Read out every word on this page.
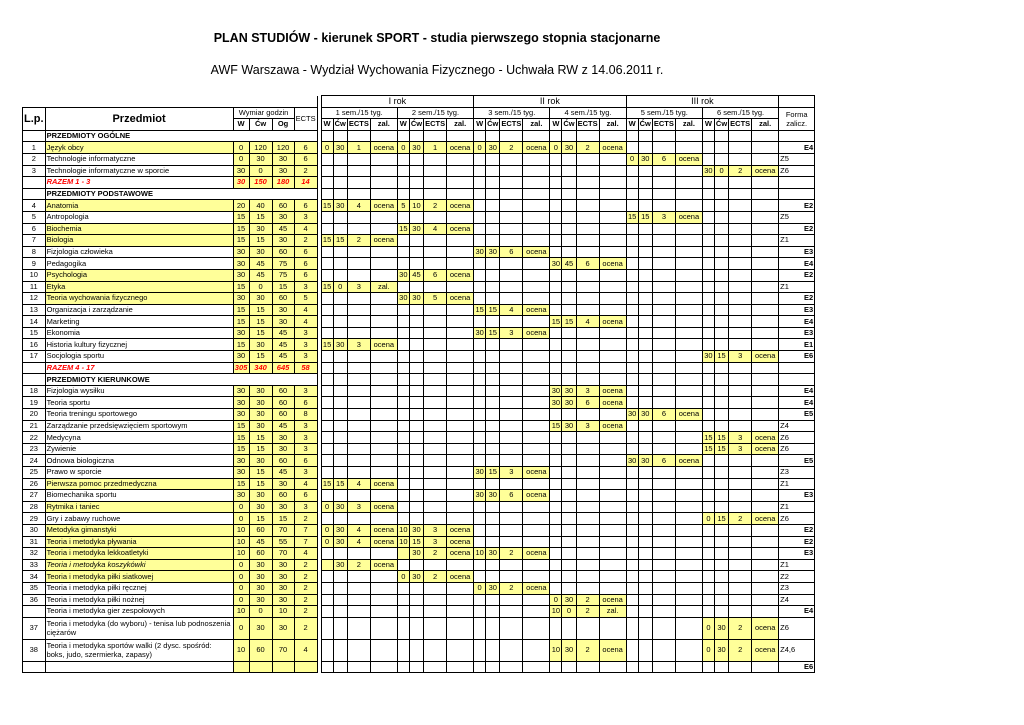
PLAN STUDIÓW - kierunek SPORT - studia pierwszego stopnia stacjonarne
AWF Warszawa - Wydział Wychowania Fizycznego - Uchwała RW z 14.06.2011 r.
							I rok								II rok								III rok								
L.p.	Przedmiot	Wymiar godzin			ECTS		1 sem./15 tyg.				2 sem./15 tyg.				3 sem./15 tyg.				4 sem./15 tyg.				5 sem./15 tyg.				6 sem./15 tyg.				Forma zalicz.
		W	Ćw	Og			W	Ćw	ECTS	zal.	W	Ćw	ECTS	zal.	W	Ćw	ECTS	zal.	W	Ćw	ECTS	zal.	W	Ćw	ECTS	zal.	W	Ćw	ECTS	zal.	
	PRZEDMIOTY OGÓLNE																														
1	Język obcy	0	120	120	6		0	30	1	ocena	0	30	1	ocena	0	30	2	ocena	0	30	2	ocena									E4
2	Technologie informatyczne	0	30	30	6																		0	30	6	ocena					Z5
3	Technologie informatyczne w sporcie	30	0	30	2																						30	0	2	ocena	Z6
	RAZEM 1 - 3	30	150	180	14																										
	PRZEDMIOTY PODSTAWOWE																														
4	Anatomia	20	40	60	6		15	30	4	ocena	5	10	2	ocena																	E2
5	Antropologia	15	15	30	3																		15	15	3	ocena					Z5
6	Biochemia	15	30	45	4						15	30	4	ocena																	E2
7	Biologia	15	15	30	2		15	15	2	ocena																					Z1
8	Fizjologia człowieka	30	30	60	6										30	30	6	ocena													E3
9	Pedagogika	30	45	75	6														30	45	6	ocena									E4
10	Psychologia	30	45	75	6						30	45	6	ocena																	E2
11	Etyka	15	0	15	3		15	0	3	zal.																					Z1
12	Teoria wychowania fizycznego	30	30	60	5						30	30	5	ocena																	E2
13	Organizacja i zarządzanie	15	15	30	4										15	15	4	ocena													E3
14	Marketing	15	15	30	4														15	15	4	ocena									E4
15	Ekonomia	30	15	45	3										30	15	3	ocena													E3
16	Historia kultury fizycznej	15	30	45	3		15	30	3	ocena																					E1
17	Socjologia sportu	30	15	45	3																						30	15	3	ocena	E6
	RAZEM 4 - 17	305	340	645	58																										
	PRZEDMIOTY KIERUNKOWE																														
18	Fizjologia wysiłku	30	30	60	3														30	30	3	ocena									E4
19	Teoria sportu	30	30	60	6														30	30	6	ocena									E4
20	Teoria treningu sportowego	30	30	60	8																		30	30	6	ocena					E5
21	Zarządzanie przedsięwzięciem sportowym	15	30	45	3														15	30	3	ocena									Z4
22	Medycyna	15	15	30	3																						15	15	3	ocena	Z6
23	Żywienie	15	15	30	3																						15	15	3	ocena	Z6
24	Odnowa biologiczna	30	30	60	6																		30	30	6	ocena					E5
25	Prawo w sporcie	30	15	45	3										30	15	3	ocena													Z3
26	Pierwsza pomoc przedmedyczna	15	15	30	4		15	15	4	ocena																					Z1
27	Biomechanika sportu	30	30	60	6										30	30	6	ocena													E3
28	Rytmika i taniec	0	30	30	3		0	30	3	ocena																					Z1
29	Gry i zabawy ruchowe	0	15	15	2																						0	15	2	ocena	Z6
30	Metodyka gimanstyki	10	60	70	7		0	30	4	ocena	10	30	3	ocena																	E2
31	Teoria i metodyka pływania	10	45	55	7		0	30	4	ocena	10	15	3	ocena																	E2
32	Teoria i metodyka lekkoatletyki	10	60	70	4							30	2	ocena	10	30	2	ocena													E3
33	Teoria i metodyka koszykówki	0	30	30	2			30	2	ocena																					Z1
34	Teoria i metodyka piłki siatkowej	0	30	30	2						0	30	2	ocena																	Z2
35	Teoria i metodyka piłki ręcznej	0	30	30	2										0	30	2	ocena													Z3
36	Teoria i metodyka piłki nożnej	0	30	30	2														0	30	2	ocena									Z4
	Teoria i metodyka gier zespołowych	10	0	10	2														10	0	2	zal.									E4
37	Teoria i metodyka (do wyboru) - tenisa lub podnoszenia ciężarów	0	30	30	2																						0	30	2	ocena	Z6
38	Teoria i metodyka sportów walki (2 dysc. spośród: boks, judo, szermierka, zapasy)	10	60	70	4														10	30	2	ocena					0	30	2	ocena	Z4,6
																															E6
